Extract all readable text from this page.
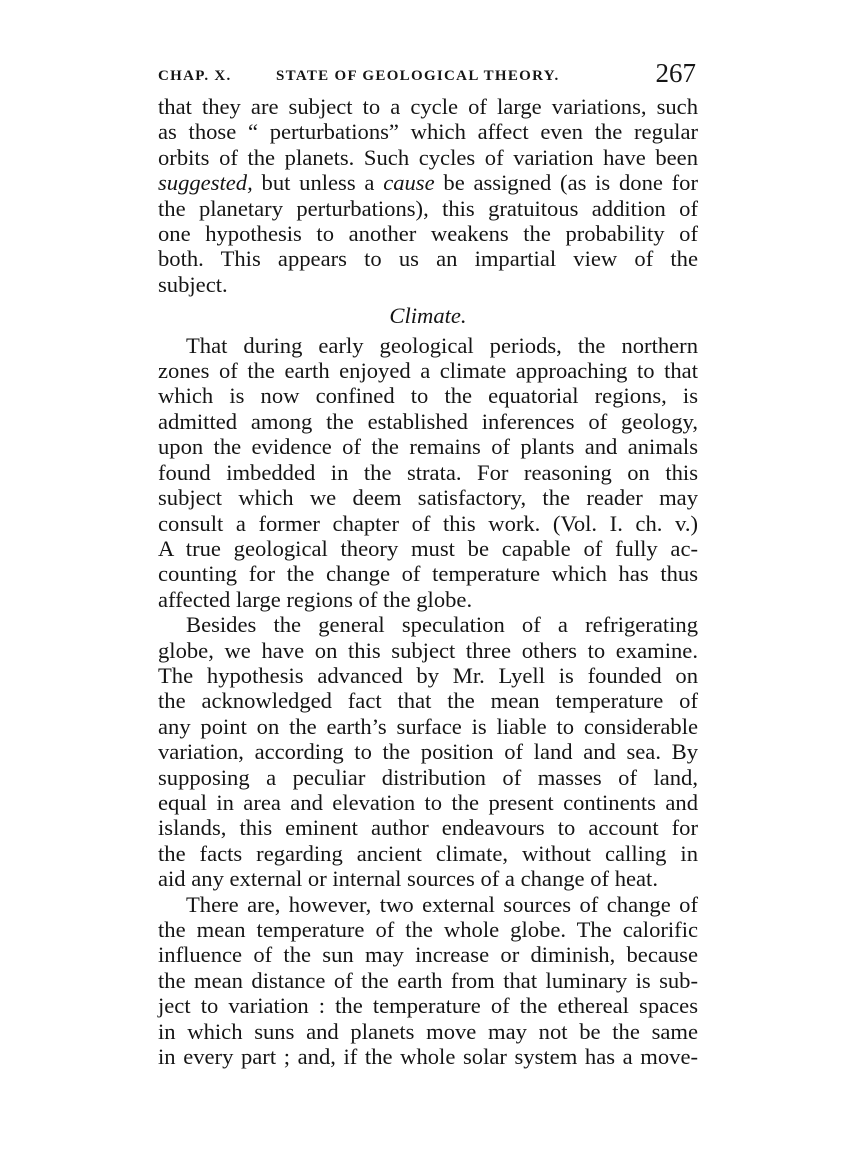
CHAP. X.	STATE OF GEOLOGICAL THEORY.	267
that they are subject to a cycle of large variations, such
as those “ perturbations” which affect even the regular
orbits of the planets. Such cycles of variation have been
suggested, but unless a cause be assigned (as is done for
the planetary perturbations), this gratuitous addition of
one hypothesis to another weakens the probability of
both. This appears to us an impartial view of the
subject.
Climate.
That during early geological periods, the northern
zones of the earth enjoyed a climate approaching to that
which is now confined to the equatorial regions, is
admitted among the established inferences of geology,
upon the evidence of the remains of plants and animals
found imbedded in the strata. For reasoning on this
subject which we deem satisfactory, the reader may
consult a former chapter of this work. (Vol. I. ch. v.)
A true geological theory must be capable of fully ac-
counting for the change of temperature which has thus
affected large regions of the globe.
Besides the general speculation of a refrigerating
globe, we have on this subject three others to examine.
The hypothesis advanced by Mr. Lyell is founded on
the acknowledged fact that the mean temperature of
any point on the earth’s surface is liable to considerable
variation, according to the position of land and sea. By
supposing a peculiar distribution of masses of land,
equal in area and elevation to the present continents and
islands, this eminent author endeavours to account for
the facts regarding ancient climate, without calling in
aid any external or internal sources of a change of heat.
There are, however, two external sources of change of
the mean temperature of the whole globe. The calorific
influence of the sun may increase or diminish, because
the mean distance of the earth from that luminary is sub-
ject to variation : the temperature of the ethereal spaces
in which suns and planets move may not be the same
in every part ; and, if the whole solar system has a move-
